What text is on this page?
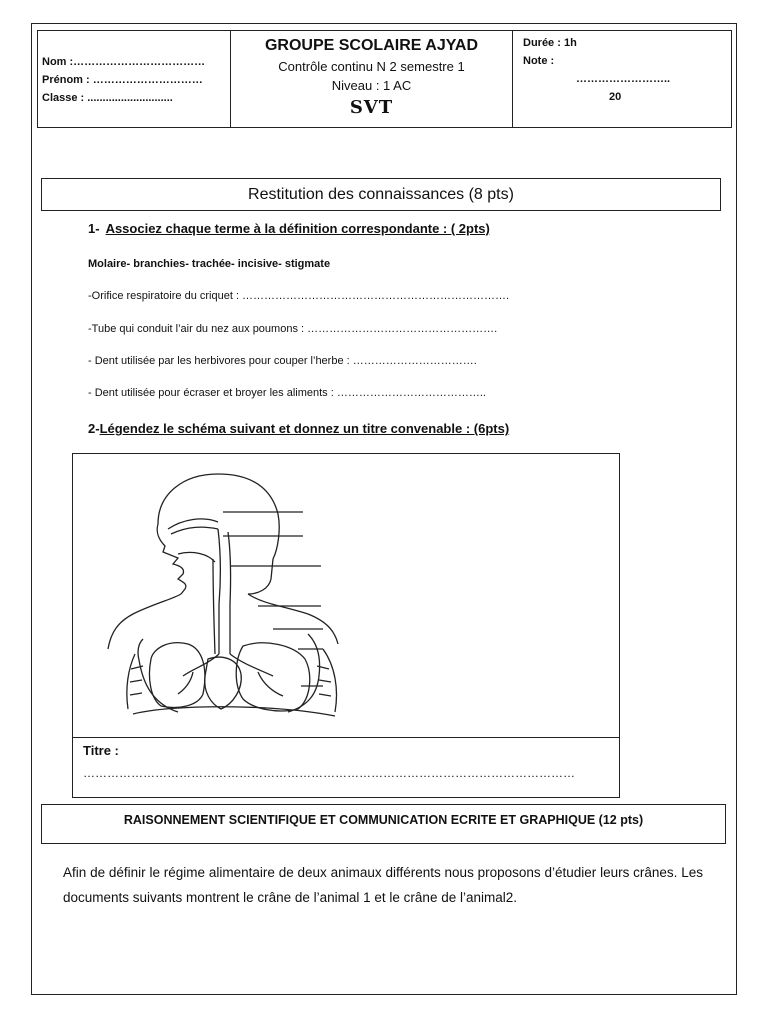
Nom :………………………………
Prénom : …………………………
Classe : ............................
GROUPE SCOLAIRE AJYAD
Contrôle continu N 2 semestre 1
Niveau : 1 AC
SVT
Durée : 1h
Note :
……………………..
20
Restitution des connaissances (8 pts)
1- Associez chaque terme à la définition correspondante : ( 2pts)
Molaire- branchies- trachée- incisive- stigmate
-Orifice respiratoire du criquet : ……………………………………………………………….
-Tube qui conduit l’air du nez aux poumons : …………………………………………….
- Dent utilisée par les herbivores pour couper l’herbe : …………………………….
- Dent utilisée pour écraser et broyer les aliments : …………………………………..
2-Légendez le schéma suivant et donnez un titre convenable : (6pts)
Titre :
……………………………………………………………………………………………………………
RAISONNEMENT SCIENTIFIQUE ET COMMUNICATION ECRITE ET GRAPHIQUE (12 pts)
Afin de définir le régime alimentaire de deux animaux différents nous proposons d’étudier leurs crânes. Les documents suivants montrent le crâne de l’animal 1 et le crâne de l’animal2.
